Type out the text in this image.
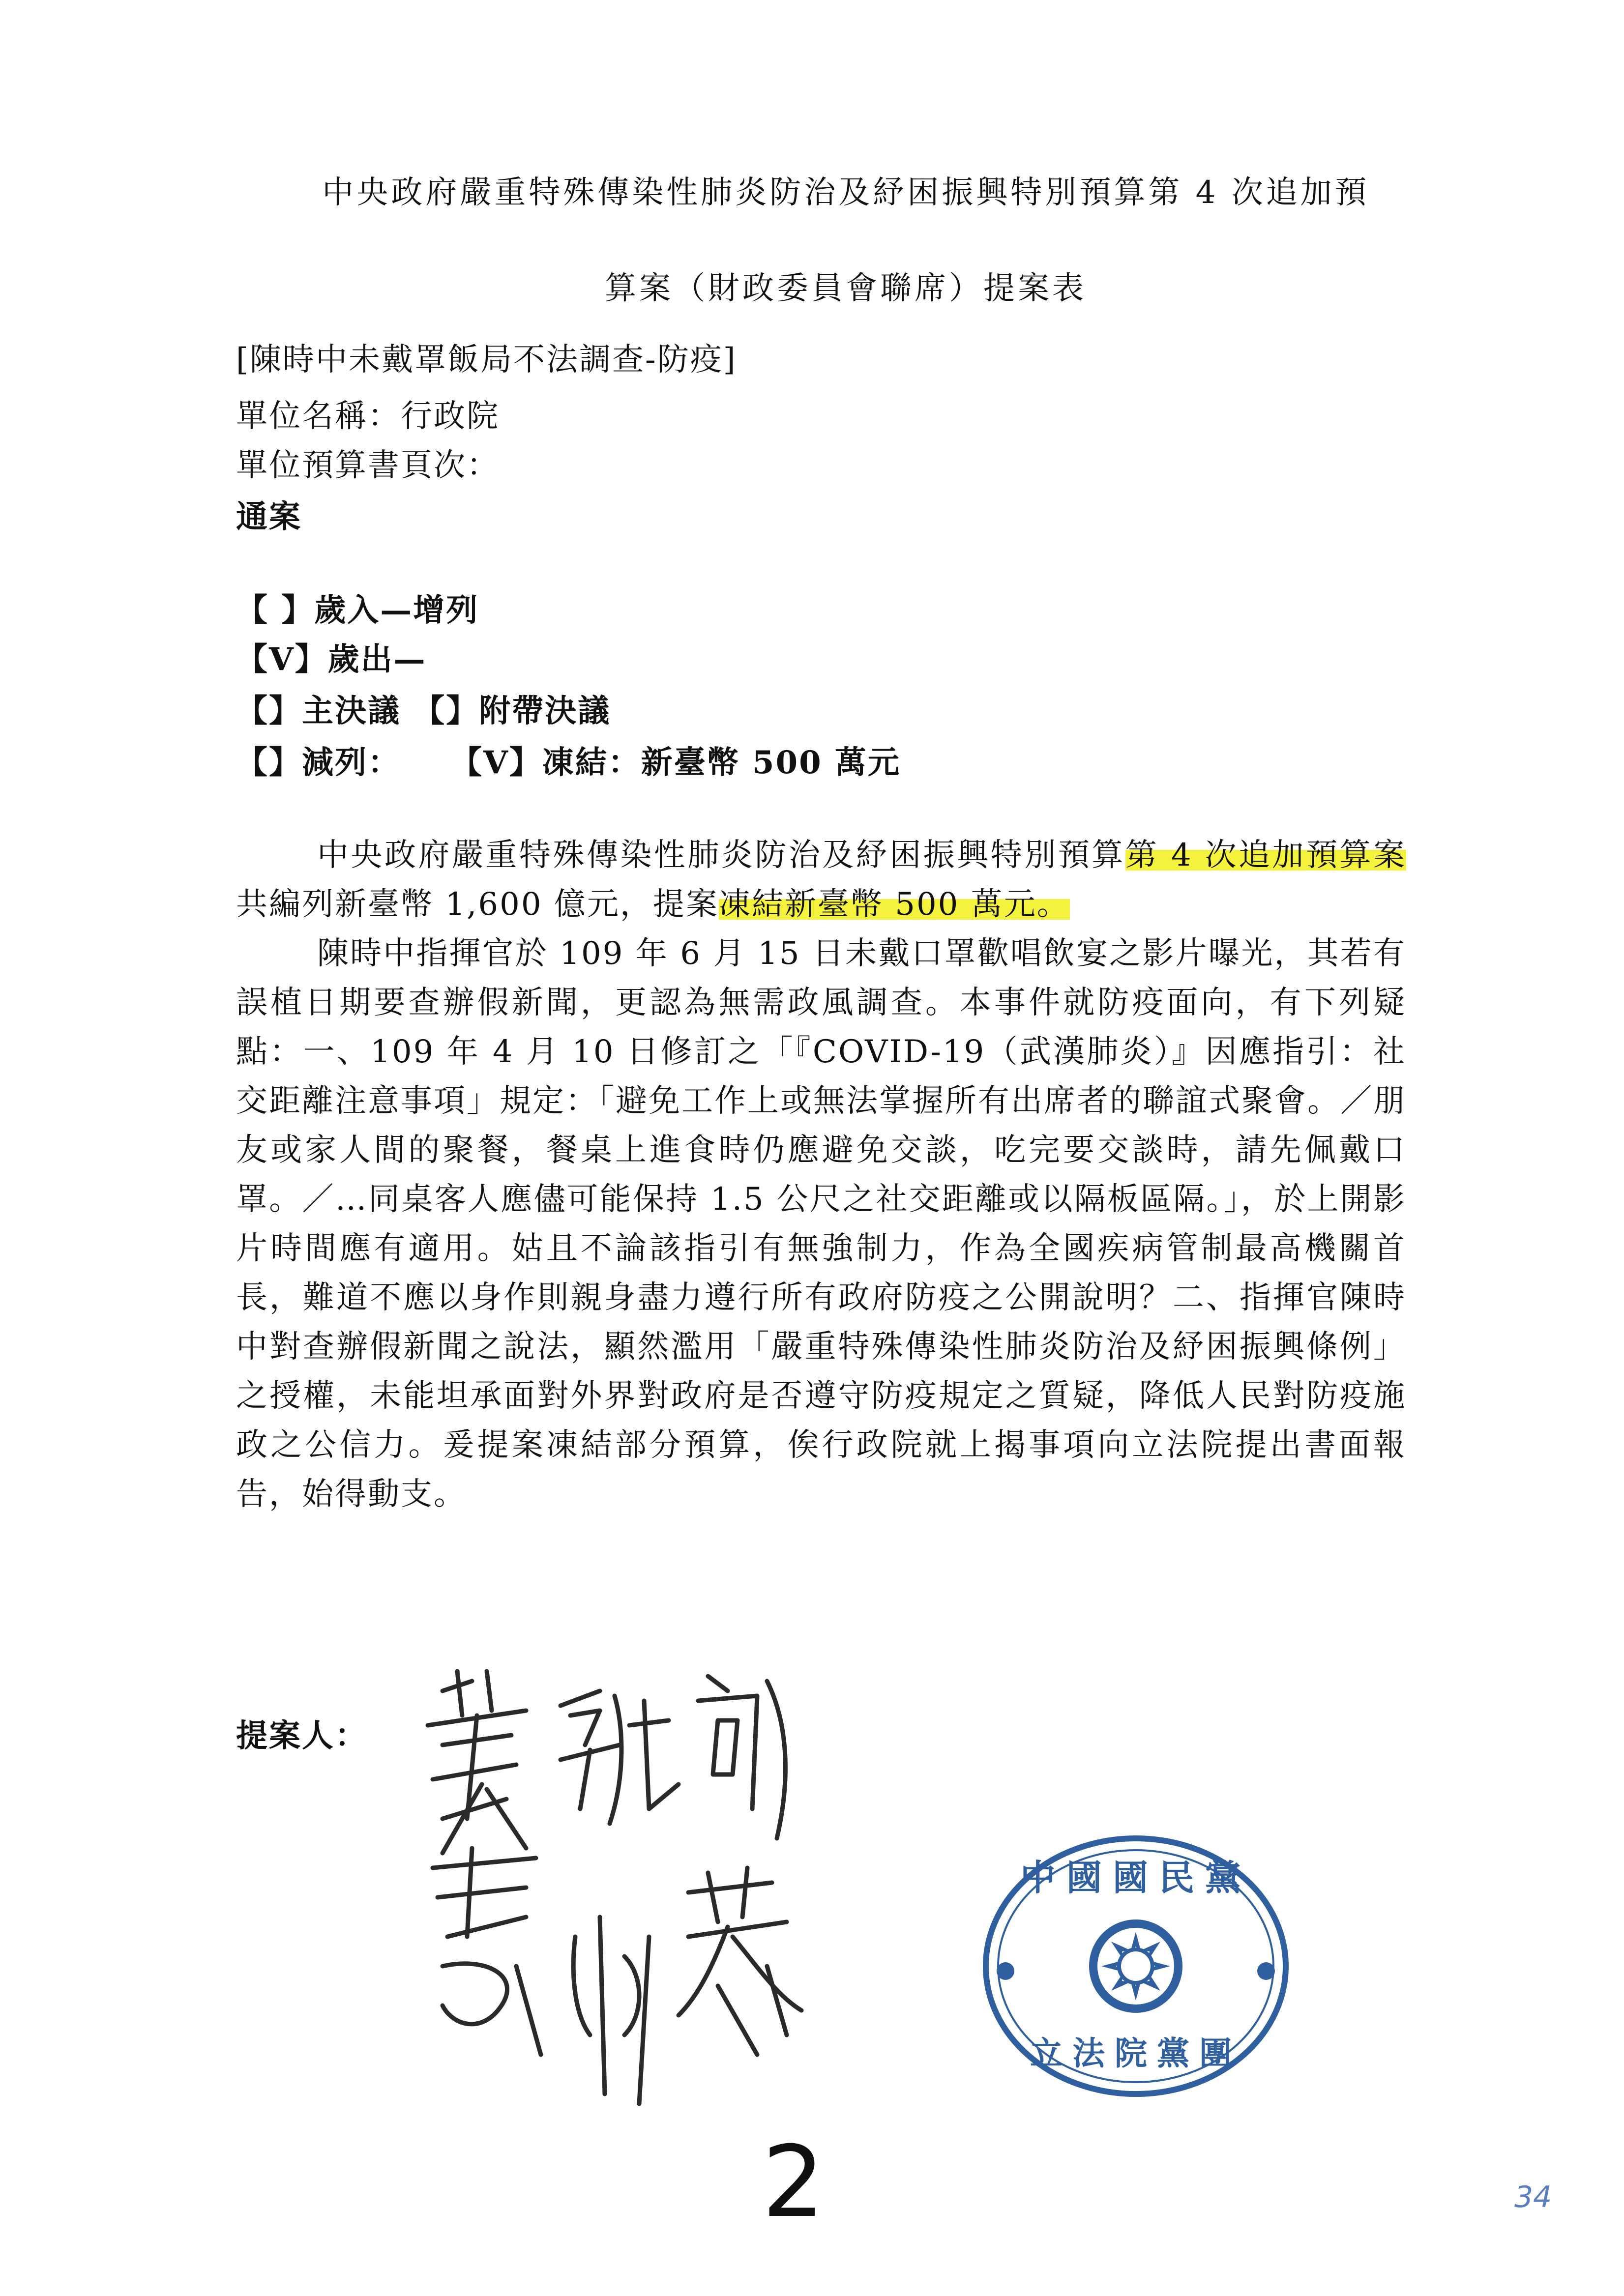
中央政府嚴重特殊傳染性肺炎防治及紓困振興特別預算第 4 次追加預
算案（財政委員會聯席）提案表
[陳時中未戴罩飯局不法調查-防疫]
單位名稱：行政院
單位預算書頁次：
通案
【 】歲入—增列
【V】歲出—
【】主決議 【】附帶決議
【】減列：    【V】凍結：新臺幣 500 萬元
中央政府嚴重特殊傳染性肺炎防治及紓困振興特別預算第 4 次追加預算案共編列新臺幣 1,600 億元，提案凍結新臺幣 500 萬元。
陳時中指揮官於 109 年 6 月 15 日未戴口罩歡唱飲宴之影片曝光，其若有誤植日期要查辦假新聞，更認為無需政風調查。本事件就防疫面向，有下列疑點：一、109 年 4 月 10 日修訂之「『COVID-19（武漢肺炎）』因應指引：社交距離注意事項」規定：「避免工作上或無法掌握所有出席者的聯誼式聚會。／朋友或家人間的聚餐，餐桌上進食時仍應避免交談，吃完要交談時，請先佩戴口罩。／…同桌客人應儘可能保持 1.5 公尺之社交距離或以隔板區隔。」，於上開影片時間應有適用。姑且不論該指引有無強制力，作為全國疾病管制最高機關首長，難道不應以身作則親身盡力遵行所有政府防疫之公開說明？二、指揮官陳時中對查辦假新聞之說法，顯然濫用「嚴重特殊傳染性肺炎防治及紓困振興條例」之授權，未能坦承面對外界對政府是否遵守防疫規定之質疑，降低人民對防疫施政之公信力。爰提案凍結部分預算，俟行政院就上揭事項向立法院提出書面報告，始得動支。
提案人：
中國國民黨
立法院黨團
2	34
